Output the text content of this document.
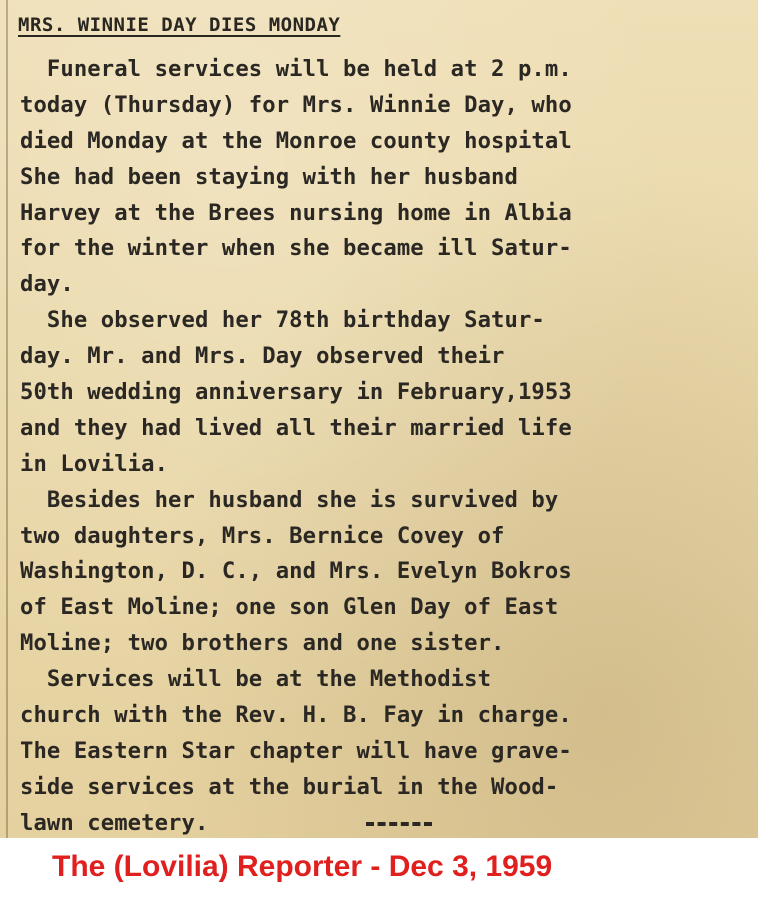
MRS. WINNIE DAY DIES MONDAY
Funeral services will be held at 2 p.m.
today (Thursday) for Mrs. Winnie Day, who
died Monday at the Monroe county hospital
She had been staying with her husband
Harvey at the Brees nursing home in Albia
for the winter when she became ill Satur-
day.
She observed her 78th birthday Satur-
day. Mr. and Mrs. Day observed their
50th wedding anniversary in February,1953
and they had lived all their married life
in Lovilia.
Besides her husband she is survived by
two daughters, Mrs. Bernice Covey of
Washington, D. C., and Mrs. Evelyn Bokros
of East Moline; one son Glen Day of East
Moline; two brothers and one sister.
Services will be at the Methodist
church with the Rev. H. B. Fay in charge.
The Eastern Star chapter will have grave-
side services at the burial in the Wood-
lawn cemetery.
The (Lovilia) Reporter - Dec 3, 1959
